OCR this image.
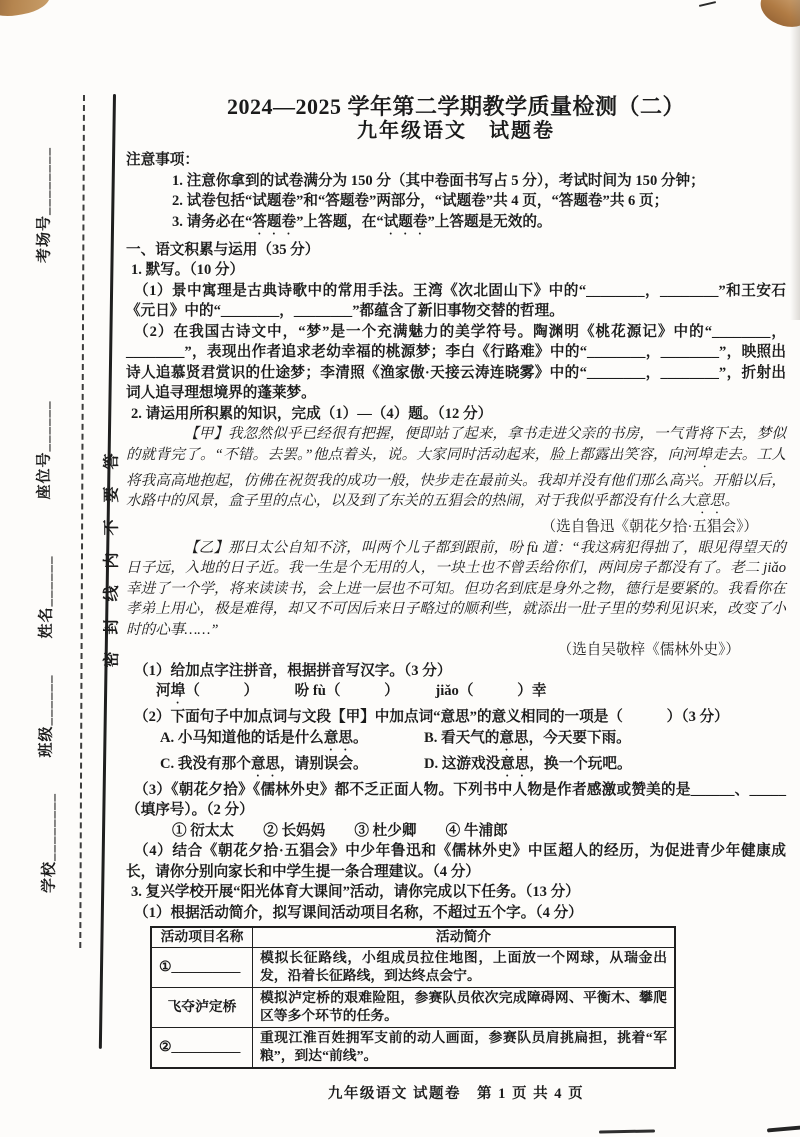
考场号________
座位号______
姓名______
班级______
学校________
密封线内不要答
2024—2025 学年第二学期教学质量检测（二）
九年级语文　试题卷
注意事项：
1. 注意你拿到的试卷满分为 150 分（其中卷面书写占 5 分），考试时间为 150 分钟；
2. 试卷包括“试题卷”和“答题卷”两部分，“试题卷”共 4 页，“答题卷”共 6 页；
3. 请务必在“答题卷”上答题，在“试题卷”上答题是无效的。
一、语文积累与运用（35 分）
1. 默写。（10 分）

（1）景中寓理是古典诗歌中的常用手法。王湾《次北固山下》中的“________，________”和王安石《元日》中的“________，________”都蕴含了新旧事物交替的哲理。

（2）在我国古诗文中，“梦”是一个充满魅力的美学符号。陶渊明《桃花源记》中的“________，________”，表现出作者追求老幼幸福的桃源梦；李白《行路难》中的“________，________”，映照出诗人追慕贤君赏识的仕途梦；李清照《渔家傲·天接云涛连晓雾》中的“________，________”，折射出词人追寻理想境界的蓬莱梦。

2. 请运用所积累的知识，完成（1）—（4）题。（12 分）

【甲】我忽然似乎已经很有把握，便即站了起来，拿书走进父亲的书房，一气背将下去，梦似的就背完了。“不错。去罢。”他点着头，说。大家同时活动起来，脸上都露出笑容，向河埠走去。工人将我高高地抱起，仿佛在祝贺我的成功一般，快步走在最前头。我却并没有他们那么高兴。开船以后，水路中的风景，盒子里的点心，以及到了东关的五猖会的热闹，对于我似乎都没有什么大意思。

（选自鲁迅《朝花夕拾·五猖会》）

【乙】那日太公自知不济，叫两个儿子都到跟前，吩 fù 道：“我这病犯得拙了，眼见得望天的日子远，入地的日子近。我一生是个无用的人，一块土也不曾丢给你们，两间房子都没有了。老二 jiǎo 幸进了一个学，将来读读书，会上进一层也不可知。但功名到底是身外之物，德行是要紧的。我看你在孝弟上用心，极是难得，却又不可因后来日子略过的顺利些，就添出一肚子里的势利见识来，改变了小时的心事……”

（选自吴敬梓《儒林外史》）
（1）给加点字注拼音，根据拼音写汉字。（3 分）
河埠（　　　）　　　吩 fù（　　　）　　　jiǎo（　　　）幸
（2）下面句子中加点词与文段【甲】中加点词“意思”的意义相同的一项是（　　　）（3 分）
A. 小马知道他的话是什么意思。	B. 看天气的意思，今天要下雨。
C. 我没有那个意思，请别误会。	D. 这游戏没意思，换一个玩吧。

（3）《朝花夕拾》《儒林外史》都不乏正面人物。下列书中人物是作者感激或赞美的是______、_____（填序号）。（2 分）

① 衍太太　　② 长妈妈　　③ 杜少卿　　④ 牛浦郎

（4）结合《朝花夕拾·五猖会》中少年鲁迅和《儒林外史》中匡超人的经历，为促进青少年健康成长，请你分别向家长和中学生提一条合理建议。（4 分）

3. 复兴学校开展“阳光体育大课间”活动，请你完成以下任务。（13 分）
（1）根据活动简介，拟写课间活动项目名称，不超过五个字。（4 分）
活动项目名称	活动简介
①__________	模拟长征路线，小组成员拉住地图，上面放一个网球，从瑞金出发，沿着长征路线，到达终点会宁。
飞夺泸定桥	模拟泸定桥的艰难险阻，参赛队员依次完成障碍网、平衡木、攀爬区等多个环节的任务。
②__________	重现江淮百姓拥军支前的动人画面，参赛队员肩挑扁担，挑着“军粮”，到达“前线”。
九年级语文 试题卷　第 1 页 共 4 页
